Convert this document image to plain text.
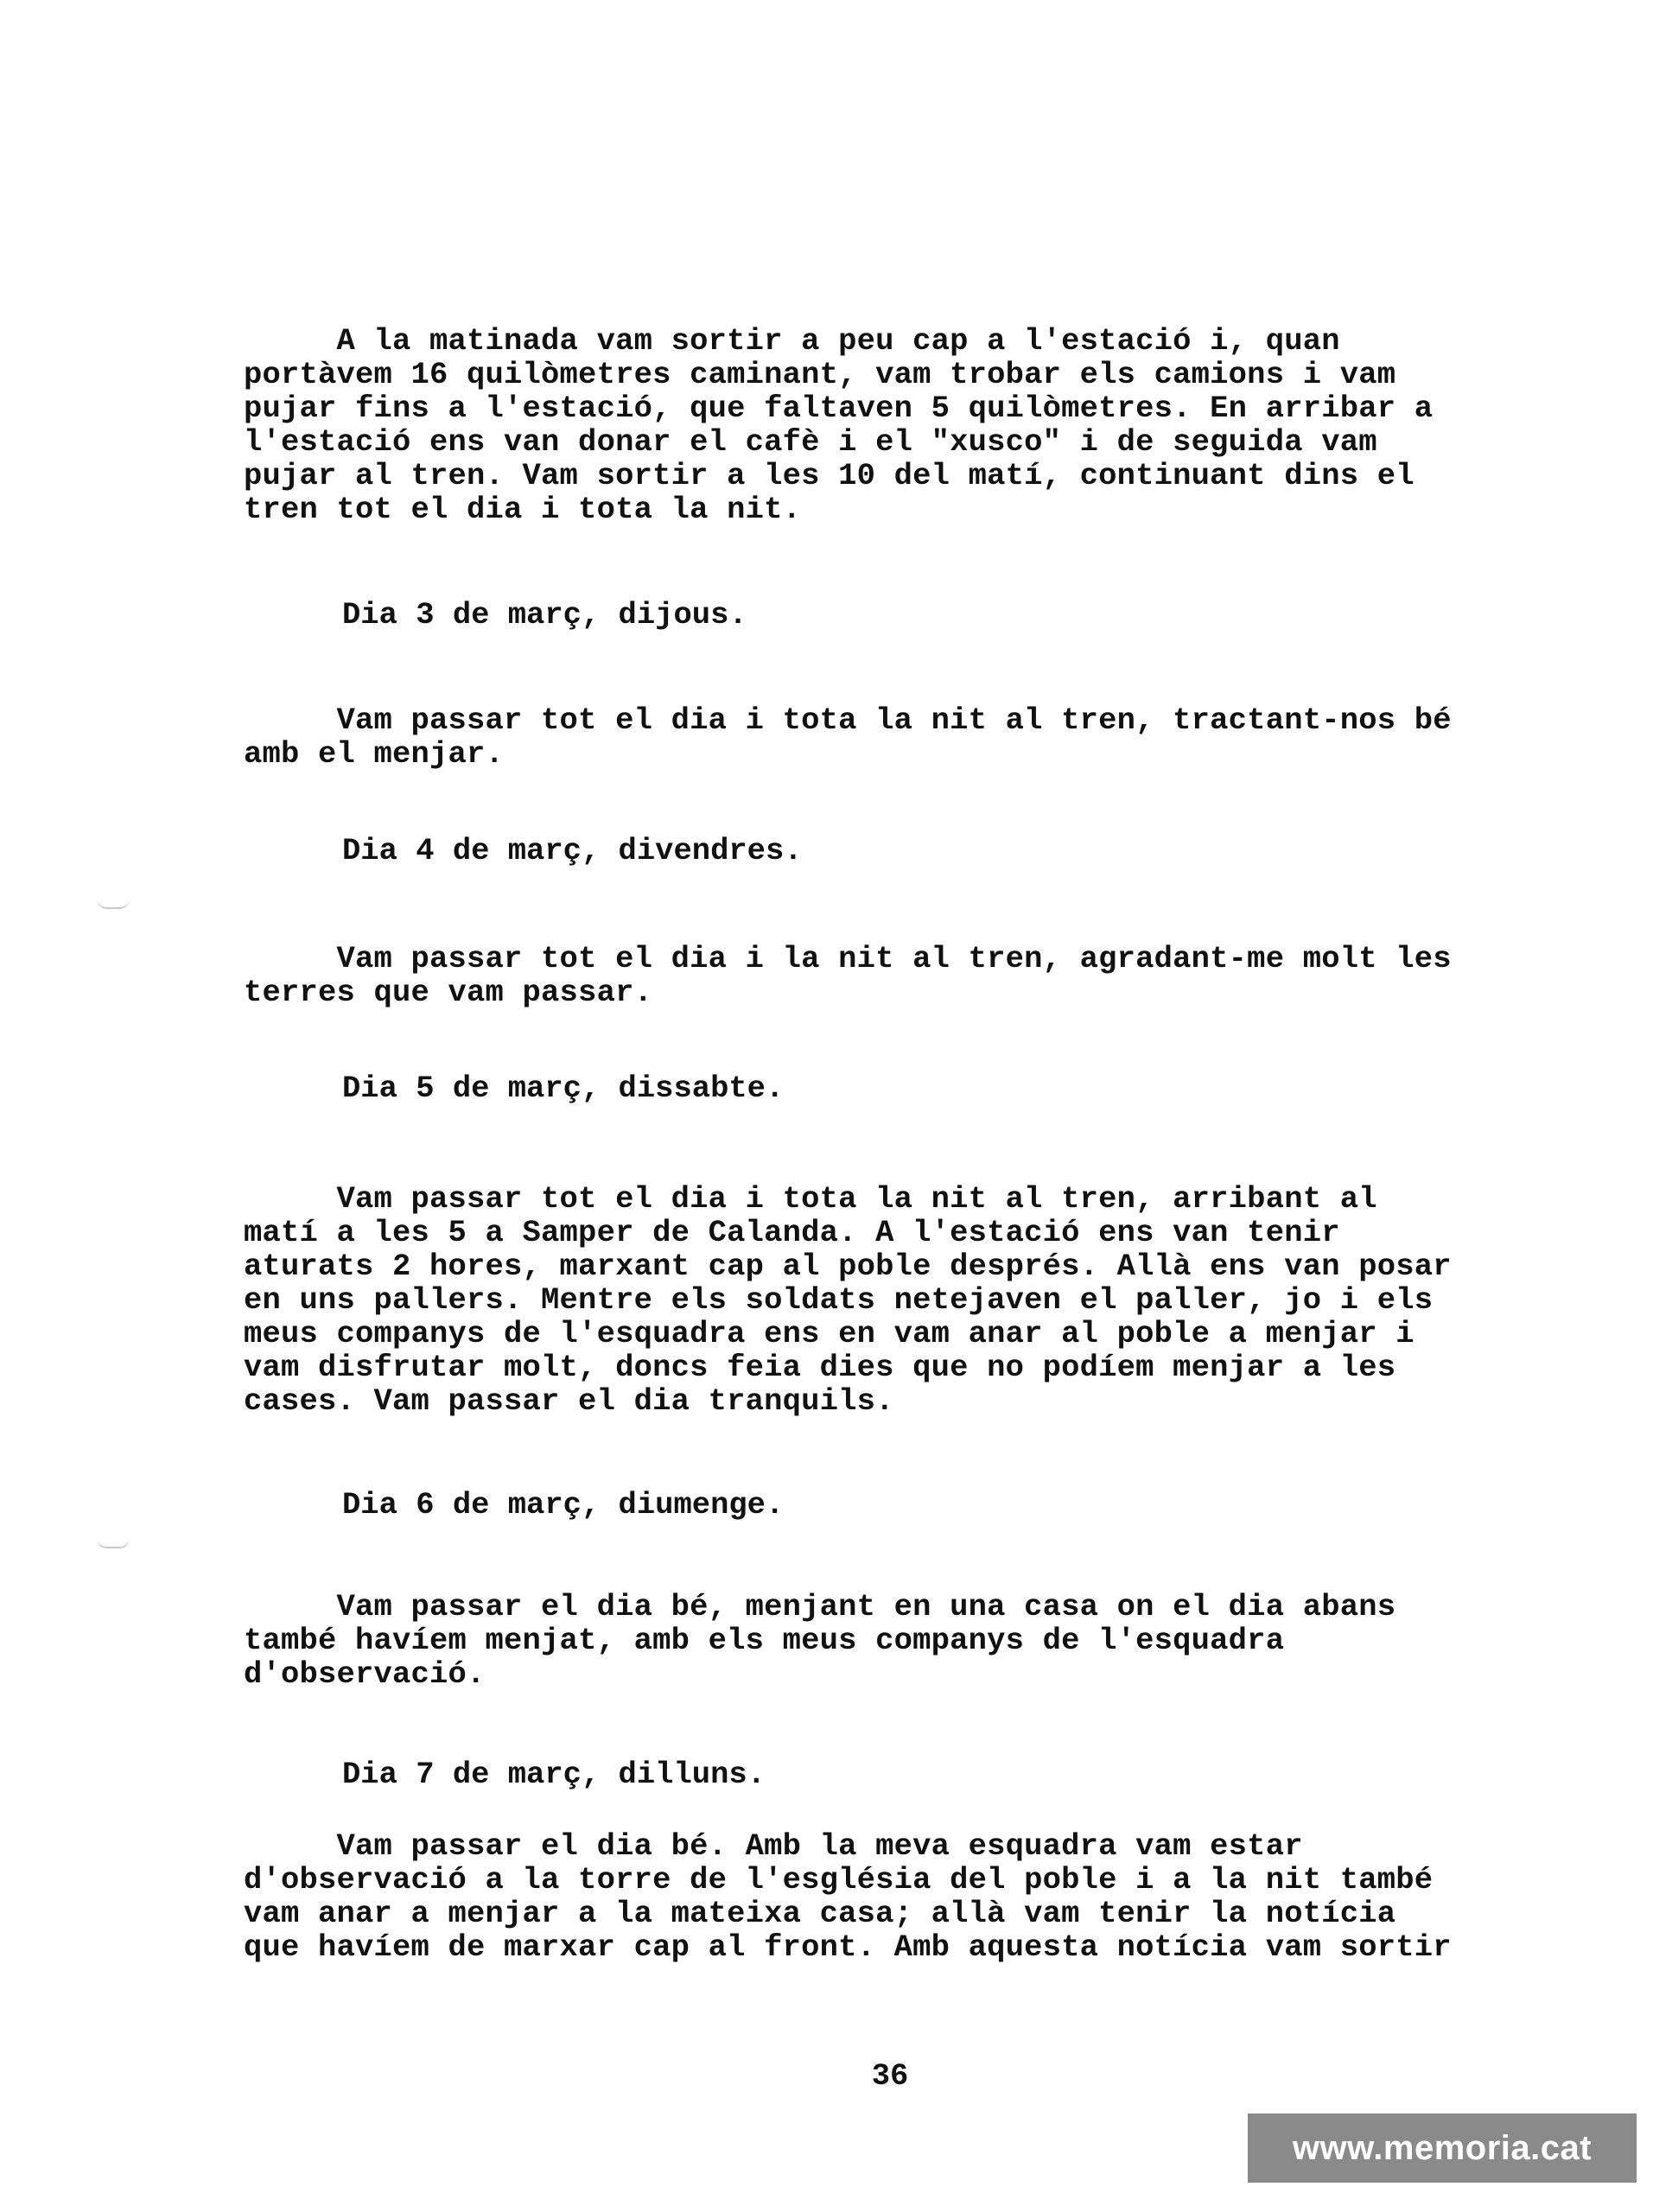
A la matinada vam sortir a peu cap a l'estació i, quan
portàvem 16 quilòmetres caminant, vam trobar els camions i vam
pujar fins a l'estació, que faltaven 5 quilòmetres. En arribar a
l'estació ens van donar el cafè i el "xusco" i de seguida vam
pujar al tren. Vam sortir a les 10 del matí, continuant dins el
tren tot el dia i tota la nit.

Dia 3 de març, dijous.

Vam passar tot el dia i tota la nit al tren, tractant-nos bé
amb el menjar.

Dia 4 de març, divendres.

Vam passar tot el dia i la nit al tren, agradant-me molt les
terres que vam passar.

Dia 5 de març, dissabte.

Vam passar tot el dia i tota la nit al tren, arribant al
matí a les 5 a Samper de Calanda. A l'estació ens van tenir
aturats 2 hores, marxant cap al poble després. Allà ens van posar
en uns pallers. Mentre els soldats netejaven el paller, jo i els
meus companys de l'esquadra ens en vam anar al poble a menjar i
vam disfrutar molt, doncs feia dies que no podíem menjar a les
cases. Vam passar el dia tranquils.

Dia 6 de març, diumenge.

Vam passar el dia bé, menjant en una casa on el dia abans
també havíem menjat, amb els meus companys de l'esquadra
d'observació.

Dia 7 de març, dilluns.

Vam passar el dia bé. Amb la meva esquadra vam estar
d'observació a la torre de l'església del poble i a la nit també
vam anar a menjar a la mateixa casa; allà vam tenir la notícia
que havíem de marxar cap al front. Amb aquesta notícia vam sortir

36
www.memoria.cat
